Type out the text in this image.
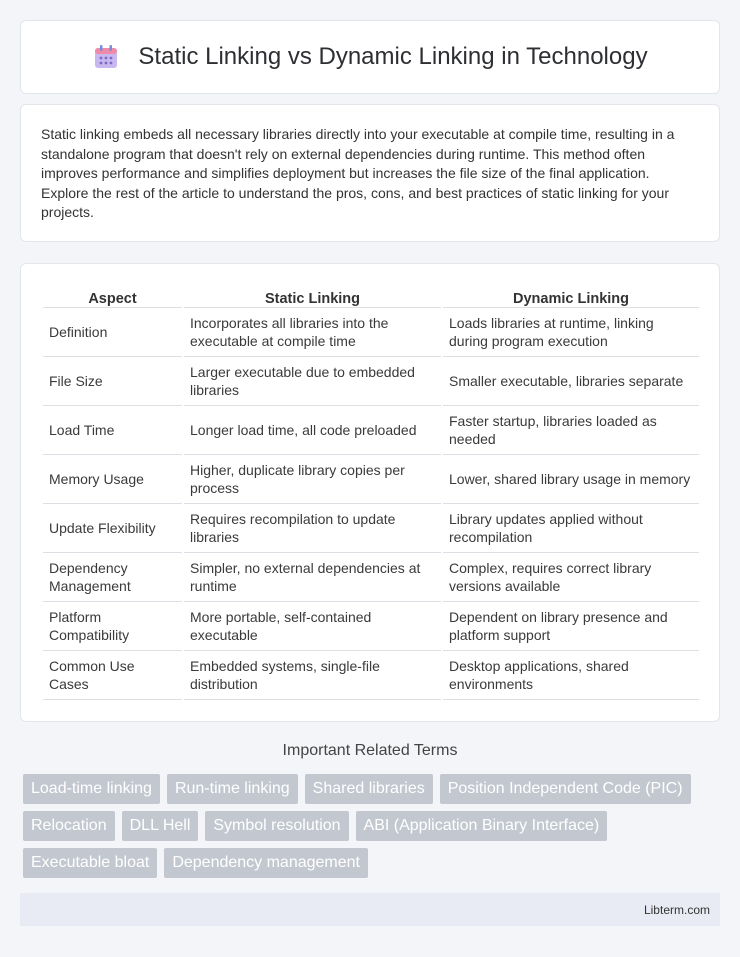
Static Linking vs Dynamic Linking in Technology

Static linking embeds all necessary libraries directly into your executable at compile time, resulting in a standalone program that doesn't rely on external dependencies during runtime. This method often improves performance and simplifies deployment but increases the file size of the final application. Explore the rest of the article to understand the pros, cons, and best practices of static linking for your projects.

Aspect	Static Linking	Dynamic Linking
Definition	Incorporates all libraries into the executable at compile time	Loads libraries at runtime, linking during program execution
File Size	Larger executable due to embedded libraries	Smaller executable, libraries separate
Load Time	Longer load time, all code preloaded	Faster startup, libraries loaded as needed
Memory Usage	Higher, duplicate library copies per process	Lower, shared library usage in memory
Update Flexibility	Requires recompilation to update libraries	Library updates applied without recompilation
Dependency Management	Simpler, no external dependencies at runtime	Complex, requires correct library versions available
Platform Compatibility	More portable, self-contained executable	Dependent on library presence and platform support
Common Use Cases	Embedded systems, single-file distribution	Desktop applications, shared environments
Important Related Terms
Load-time linking	Run-time linking	Shared libraries	Position Independent Code (PIC)
Relocation	DLL Hell	Symbol resolution	ABI (Application Binary Interface)
Executable bloat	Dependency management
Libterm.com
